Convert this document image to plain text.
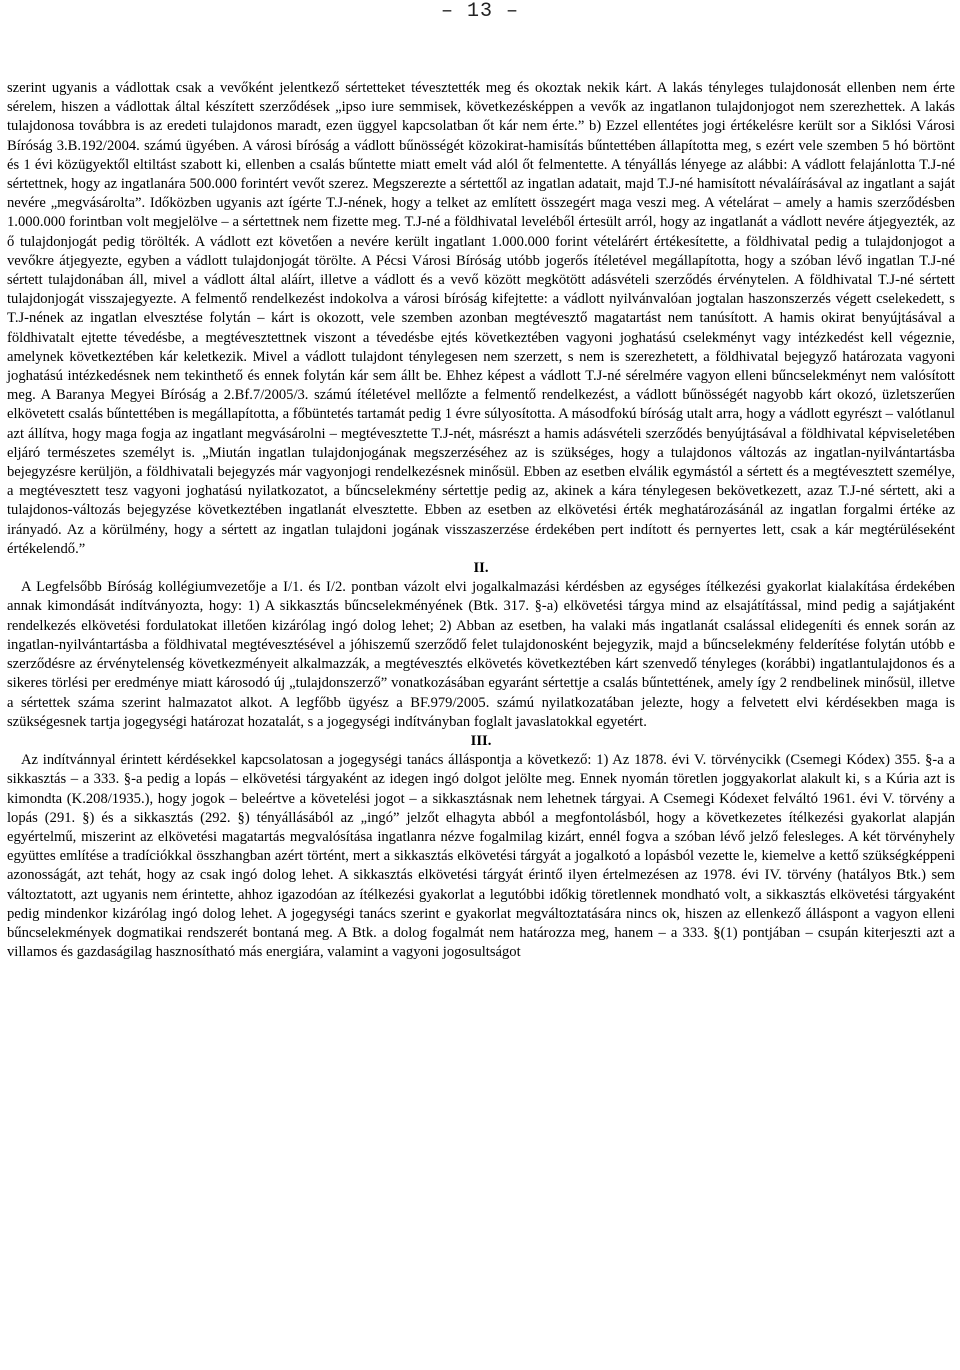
– 13 –

szerint ugyanis a vádlottak csak a vevőként jelentkező sértetteket tévesztették meg és okoztak nekik kárt. A lakás tényleges tulajdonosát ellenben nem érte sérelem, hiszen a vádlottak által készített szerződések „ipso iure semmisek, következésképpen a vevők az ingatlanon tulajdonjogot nem szerezhettek. A lakás tulajdonosa továbbra is az eredeti tulajdonos maradt, ezen üggyel kapcsolatban őt kár nem érte.” b) Ezzel ellentétes jogi értékelésre került sor a Siklósi Városi Bíróság 3.B.192/2004. számú ügyében. A városi bíróság a vádlott bűnösségét közokirat-hamisítás bűntettében állapította meg, s ezért vele szemben 5 hó börtönt és 1 évi közügyektől eltiltást szabott ki, ellenben a csalás bűntette miatt emelt vád alól őt felmentette. A tényállás lényege az alábbi: A vádlott felajánlotta T.J-né sértettnek, hogy az ingatlanára 500.000 forintért vevőt szerez. Megszerezte a sértettől az ingatlan adatait, majd T.J-né hamisított névaláírásával az ingatlant a saját nevére „megvásárolta”. Időközben ugyanis azt ígérte T.J-nének, hogy a telket az említett összegért maga veszi meg. A vételárat – amely a hamis szerződésben 1.000.000 forintban volt megjelölve – a sértettnek nem fizette meg. T.J-né a földhivatal leveléből értesült arról, hogy az ingatlanát a vádlott nevére átjegyezték, az ő tulajdonjogát pedig törölték. A vádlott ezt követően a nevére került ingatlant 1.000.000 forint vételárért értékesítette, a földhivatal pedig a tulajdonjogot a vevőkre átjegyezte, egyben a vádlott tulajdonjogát törölte. A Pécsi Városi Bíróság utóbb jogerős ítéletével megállapította, hogy a szóban lévő ingatlan T.J-né sértett tulajdonában áll, mivel a vádlott által aláírt, illetve a vádlott és a vevő között megkötött adásvételi szerződés érvénytelen. A földhivatal T.J-né sértett tulajdonjogát visszajegyezte. A felmentő rendelkezést indokolva a városi bíróság kifejtette: a vádlott nyilvánvalóan jogtalan haszonszerzés végett cselekedett, s T.J-nének az ingatlan elvesztése folytán – kárt is okozott, vele szemben azonban megtévesztő magatartást nem tanúsított. A hamis okirat benyújtásával a földhivatalt ejtette tévedésbe, a megtévesztettnek viszont a tévedésbe ejtés következtében vagyoni joghatású cselekményt vagy intézkedést kell végeznie, amelynek következtében kár keletkezik. Mivel a vádlott tulajdont ténylegesen nem szerzett, s nem is szerezhetett, a földhivatal bejegyző határozata vagyoni joghatású intézkedésnek nem tekinthető és ennek folytán kár sem állt be. Ehhez képest a vádlott T.J-né sérelmére vagyon elleni bűncselekményt nem valósított meg. A Baranya Megyei Bíróság a 2.Bf.7/2005/3. számú ítéletével mellőzte a felmentő rendelkezést, a vádlott bűnösségét nagyobb kárt okozó, üzletszerűen elkövetett csalás bűntettében is megállapította, a főbüntetés tartamát pedig 1 évre súlyosította. A másodfokú bíróság utalt arra, hogy a vádlott egyrészt – valótlanul azt állítva, hogy maga fogja az ingatlant megvásárolni – megtévesztette T.J-nét, másrészt a hamis adásvételi szerződés benyújtásával a földhivatal képviseletében eljáró természetes személyt is. „Miután ingatlan tulajdonjogának megszerzéséhez az is szükséges, hogy a tulajdonos változás az ingatlan-nyilvántartásba bejegyzésre kerüljön, a földhivatali bejegyzés már vagyonjogi rendelkezésnek minősül. Ebben az esetben elválik egymástól a sértett és a megtévesztett személye, a megtévesztett tesz vagyoni joghatású nyilatkozatot, a bűncselekmény sértettje pedig az, akinek a kára ténylegesen bekövetkezett, azaz T.J-né sértett, aki a tulajdonos-változás bejegyzése következtében ingatlanát elvesztette. Ebben az esetben az elkövetési érték meghatározásánál az ingatlan forgalmi értéke az irányadó. Az a körülmény, hogy a sértett az ingatlan tulajdoni jogának visszaszerzése érdekében pert indított és pernyertes lett, csak a kár megtérüléseként értékelendő.”

II.

A Legfelsőbb Bíróság kollégiumvezetője a I/1. és I/2. pontban vázolt elvi jogalkalmazási kérdésben az egységes ítélkezési gyakorlat kialakítása érdekében annak kimondását indítványozta, hogy: 1) A sikkasztás bűncselekményének (Btk. 317. §-a) elkövetési tárgya mind az elsajátítással, mind pedig a sajátjaként rendelkezés elkövetési fordulatokat illetően kizárólag ingó dolog lehet; 2) Abban az esetben, ha valaki más ingatlanát csalással elidegeníti és ennek során az ingatlan-nyilvántartásba a földhivatal megtévesztésével a jóhiszemű szerződő felet tulajdonosként bejegyzik, majd a bűncselekmény felderítése folytán utóbb e szerződésre az érvénytelenség következményeit alkalmazzák, a megtévesztés elkövetés következtében kárt szenvedő tényleges (korábbi) ingatlantulajdonos és a sikeres törlési per eredménye miatt károsodó új „tulajdonszerző” vonatkozásában egyaránt sértettje a csalás bűntettének, amely így 2 rendbelinek minősül, illetve a sértettek száma szerint halmazatot alkot. A legfőbb ügyész a BF.979/2005. számú nyilatkozatában jelezte, hogy a felvetett elvi kérdésekben maga is szükségesnek tartja jogegységi határozat hozatalát, s a jogegységi indítványban foglalt javaslatokkal egyetért.

III.

Az indítvánnyal érintett kérdésekkel kapcsolatosan a jogegységi tanács álláspontja a következő: 1) Az 1878. évi V. törvénycikk (Csemegi Kódex) 355. §-a a sikkasztás – a 333. §-a pedig a lopás – elkövetési tárgyaként az idegen ingó dolgot jelölte meg. Ennek nyomán töretlen joggyakorlat alakult ki, s a Kúria azt is kimondta (K.208/1935.), hogy jogok – beleértve a követelési jogot – a sikkasztásnak nem lehetnek tárgyai. A Csemegi Kódexet felváltó 1961. évi V. törvény a lopás (291. §) és a sikkasztás (292. §) tényállásából az „ingó” jelzőt elhagyta abból a megfontolásból, hogy a következetes ítélkezési gyakorlat alapján egyértelmű, miszerint az elkövetési magatartás megvalósítása ingatlanra nézve fogalmilag kizárt, ennél fogva a szóban lévő jelző felesleges. A két törvényhely együttes említése a tradíciókkal összhangban azért történt, mert a sikkasztás elkövetési tárgyát a jogalkotó a lopásból vezette le, kiemelve a kettő szükségképpeni azonosságát, azt tehát, hogy az csak ingó dolog lehet. A sikkasztás elkövetési tárgyát érintő ilyen értelmezésen az 1978. évi IV. törvény (hatályos Btk.) sem változtatott, azt ugyanis nem érintette, ahhoz igazodóan az ítélkezési gyakorlat a legutóbbi időkig töretlennek mondható volt, a sikkasztás elkövetési tárgyaként pedig mindenkor kizárólag ingó dolog lehet. A jogegységi tanács szerint e gyakorlat megváltoztatására nincs ok, hiszen az ellenkező álláspont a vagyon elleni bűncselekmények dogmatikai rendszerét bontaná meg. A Btk. a dolog fogalmát nem határozza meg, hanem – a 333. §(1) pontjában – csupán kiterjeszti azt a villamos és gazdaságilag hasznosítható más energiára, valamint a vagyoni jogosultságot
